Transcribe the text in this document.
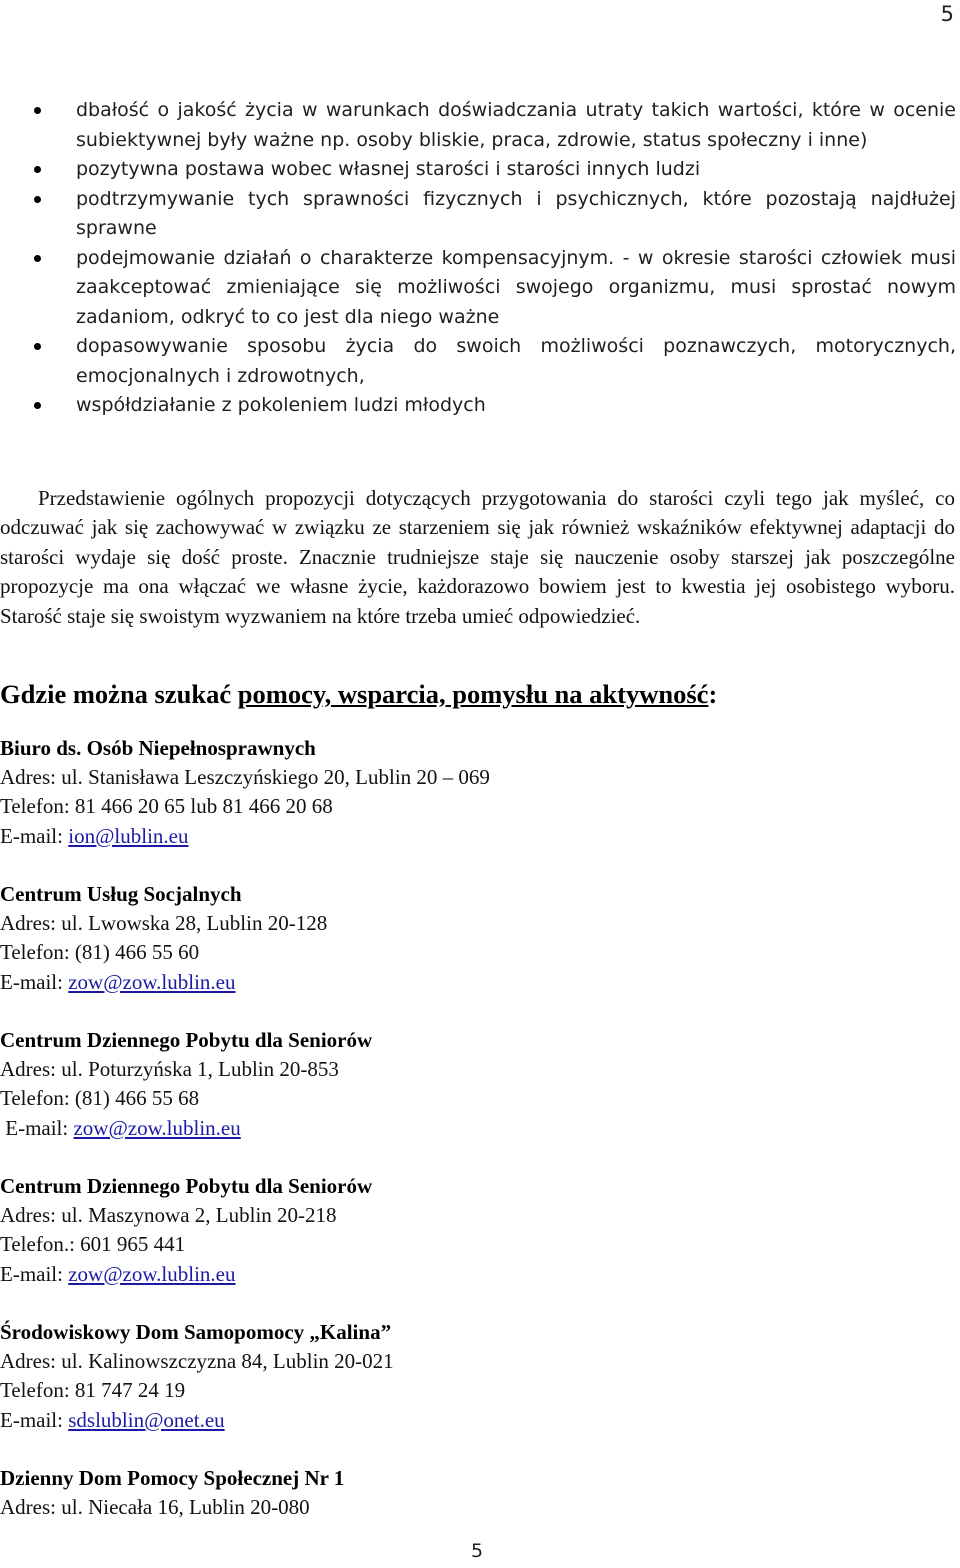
5
dbałość o jakość życia w warunkach doświadczania utraty takich wartości, które w ocenie subiektywnej były ważne np. osoby bliskie, praca, zdrowie, status społeczny i inne)
pozytywna postawa wobec własnej starości i starości innych ludzi
podtrzymywanie tych sprawności fizycznych i psychicznych, które pozostają najdłużej sprawne
podejmowanie działań o charakterze kompensacyjnym. - w okresie starości człowiek musi zaakceptować zmieniające się możliwości swojego organizmu, musi sprostać nowym zadaniom, odkryć to co jest dla niego ważne
dopasowywanie sposobu życia do swoich możliwości poznawczych, motorycznych, emocjonalnych i zdrowotnych,
współdziałanie z pokoleniem ludzi młodych

Przedstawienie ogólnych propozycji dotyczących przygotowania do starości czyli tego jak myśleć, co odczuwać jak się zachowywać w związku ze starzeniem się jak również wskaźników efektywnej adaptacji do starości wydaje się dość proste. Znacznie trudniejsze staje się nauczenie osoby starszej jak poszczególne propozycje ma ona włączać we własne życie, każdorazowo bowiem jest to kwestia jej osobistego wyboru. Starość staje się swoistym wyzwaniem na które trzeba umieć odpowiedzieć.

Gdzie można szukać pomocy, wsparcia, pomysłu na aktywność:
Biuro ds. Osób Niepełnosprawnych
Adres: ul. Stanisława Leszczyńskiego 20, Lublin 20 – 069
Telefon: 81 466 20 65 lub 81 466 20 68
E-mail: ion@lublin.eu
Centrum Usług Socjalnych
Adres: ul. Lwowska 28, Lublin 20-128
Telefon: (81) 466 55 60
E-mail: zow@zow.lublin.eu
Centrum Dziennego Pobytu dla Seniorów
Adres: ul. Poturzyńska 1, Lublin 20-853
Telefon: (81) 466 55 68
E-mail: zow@zow.lublin.eu
Centrum Dziennego Pobytu dla Seniorów
Adres: ul. Maszynowa 2, Lublin 20-218
Telefon.: 601 965 441
E-mail: zow@zow.lublin.eu
Środowiskowy Dom Samopomocy „Kalina”
Adres: ul. Kalinowszczyzna 84, Lublin 20-021
Telefon: 81 747 24 19
E-mail: sdslublin@onet.eu
Dzienny Dom Pomocy Społecznej Nr 1
Adres: ul. Niecała 16, Lublin 20-080
5
